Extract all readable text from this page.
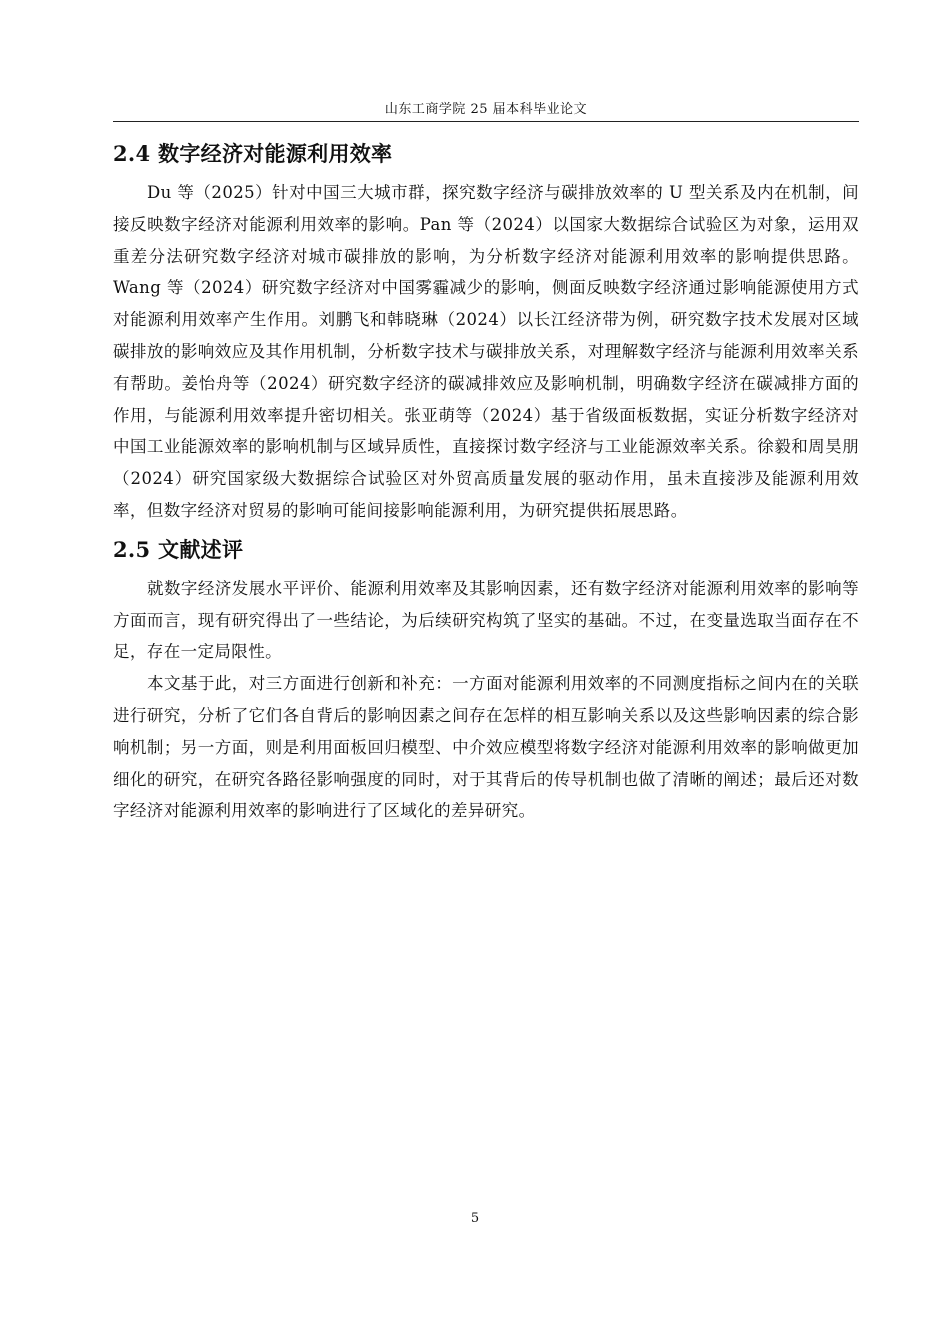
山东工商学院 25 届本科毕业论文
2.4 数字经济对能源利用效率

Du 等（2025）针对中国三大城市群，探究数字经济与碳排放效率的 U 型关系及内在机制，间接反映数字经济对能源利用效率的影响。Pan 等（2024）以国家大数据综合试验区为对象，运用双重差分法研究数字经济对城市碳排放的影响，为分析数字经济对能源利用效率的影响提供思路。Wang 等（2024）研究数字经济对中国雾霾减少的影响，侧面反映数字经济通过影响能源使用方式对能源利用效率产生作用。刘鹏飞和韩晓琳（2024）以长江经济带为例，研究数字技术发展对区域碳排放的影响效应及其作用机制，分析数字技术与碳排放关系，对理解数字经济与能源利用效率关系有帮助。姜怡舟等（2024）研究数字经济的碳减排效应及影响机制，明确数字经济在碳减排方面的作用，与能源利用效率提升密切相关。张亚萌等（2024）基于省级面板数据，实证分析数字经济对中国工业能源效率的影响机制与区域异质性，直接探讨数字经济与工业能源效率关系。徐毅和周昊朋（2024）研究国家级大数据综合试验区对外贸高质量发展的驱动作用，虽未直接涉及能源利用效率，但数字经济对贸易的影响可能间接影响能源利用，为研究提供拓展思路。

2.5 文献述评

就数字经济发展水平评价、能源利用效率及其影响因素，还有数字经济对能源利用效率的影响等方面而言，现有研究得出了一些结论，为后续研究构筑了坚实的基础。不过，在变量选取当面存在不足，存在一定局限性。

本文基于此，对三方面进行创新和补充：一方面对能源利用效率的不同测度指标之间内在的关联进行研究，分析了它们各自背后的影响因素之间存在怎样的相互影响关系以及这些影响因素的综合影响机制；另一方面，则是利用面板回归模型、中介效应模型将数字经济对能源利用效率的影响做更加细化的研究，在研究各路径影响强度的同时，对于其背后的传导机制也做了清晰的阐述；最后还对数字经济对能源利用效率的影响进行了区域化的差异研究。

5
